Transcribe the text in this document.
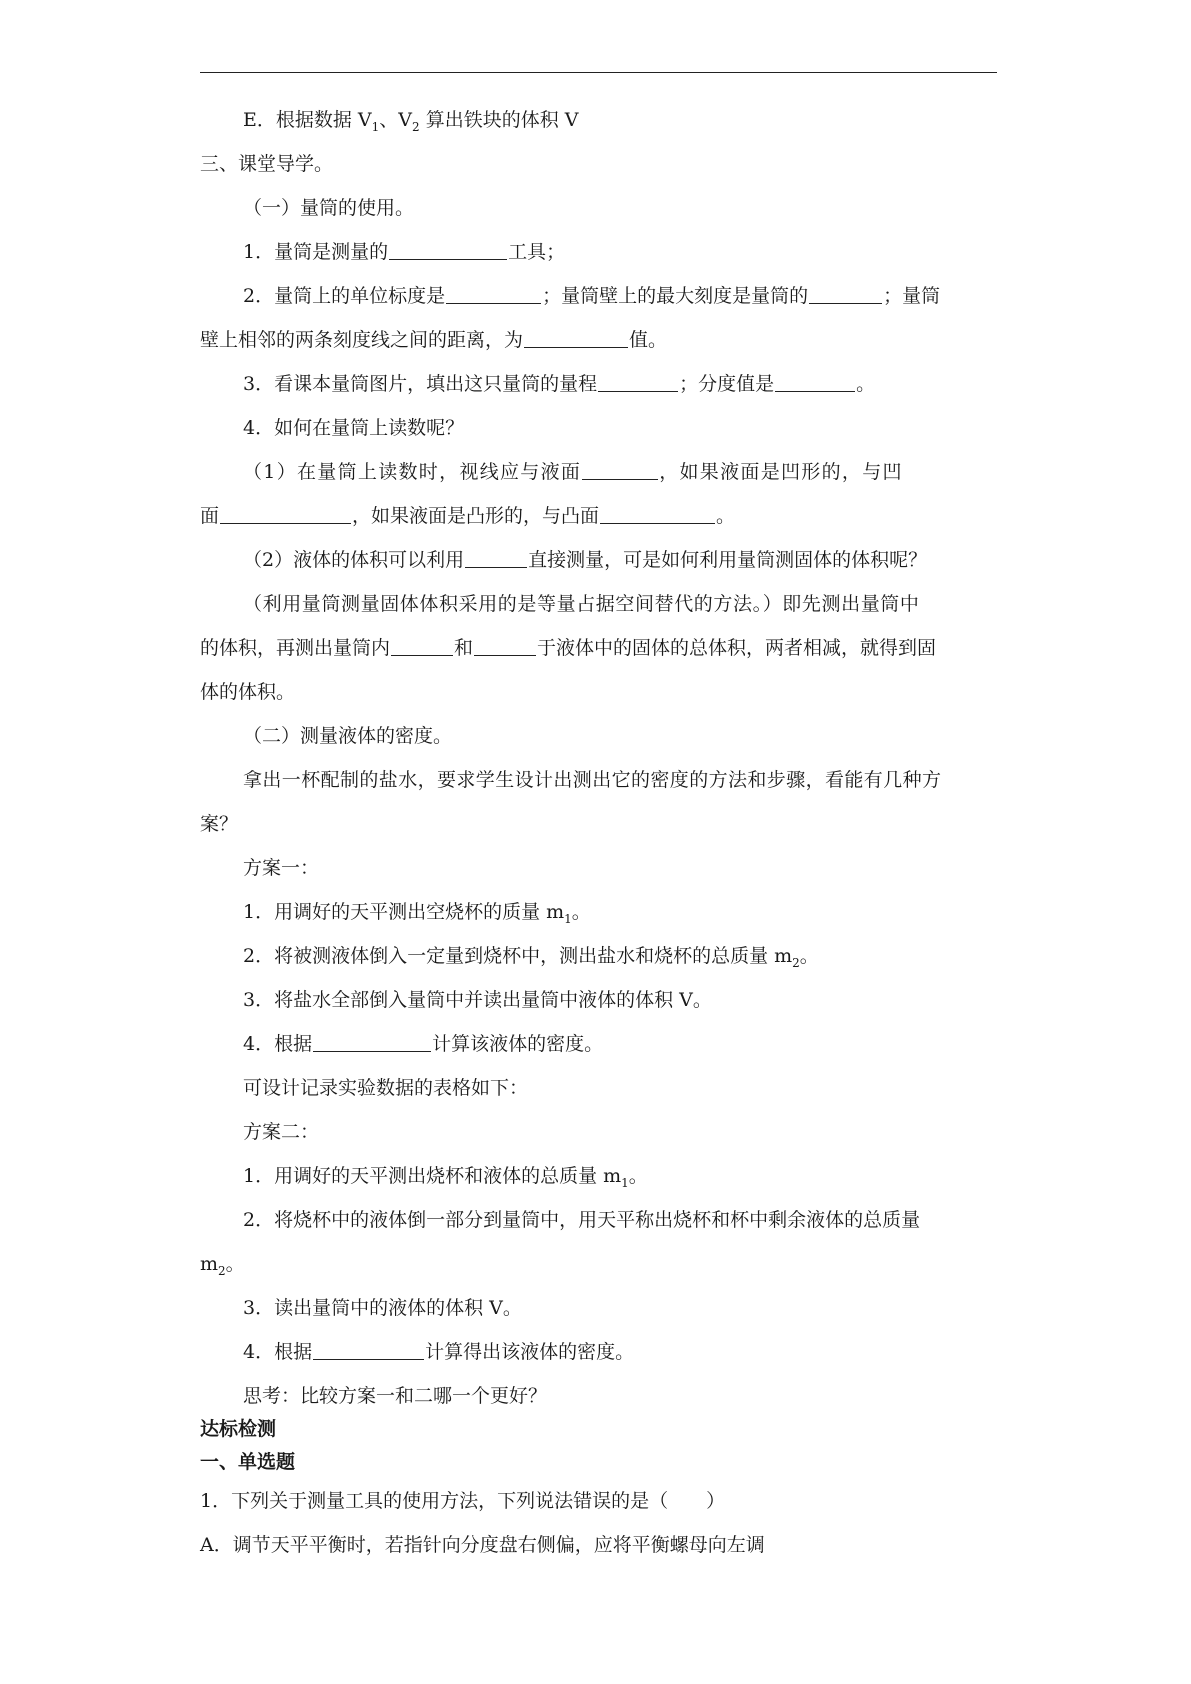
E．根据数据 $V_1$、$V_2$ 算出铁块的体积 V
三、课堂导学。
（一）量筒的使用。
1．量筒是测量的	工具；
2．量筒上的单位标度是	；量筒壁上的最大刻度是量筒的	；量筒
壁上相邻的两条刻度线之间的距离，为	值。
3．看课本量筒图片，填出这只量筒的量程	；分度值是	。
4．如何在量筒上读数呢？
（1）在量筒上读数时，视线应与液面	，如果液面是凹形的，与凹
面	，如果液面是凸形的，与凸面	。
（2）液体的体积可以利用	直接测量，可是如何利用量筒测固体的体积呢？
（利用量筒测量固体体积采用的是等量占据空间替代的方法。）即先测出量筒中
的体积，再测出量筒内	和	于液体中的固体的总体积，两者相减，就得到固
体的体积。
（二）测量液体的密度。
拿出一杯配制的盐水，要求学生设计出测出它的密度的方法和步骤，看能有几种方
案？
方案一：
1．用调好的天平测出空烧杯的质量 $m_1$。
2．将被测液体倒入一定量到烧杯中，测出盐水和烧杯的总质量 $m_2$。
3．将盐水全部倒入量筒中并读出量筒中液体的体积 V。
4．根据	计算该液体的密度。
可设计记录实验数据的表格如下：
方案二：
1．用调好的天平测出烧杯和液体的总质量 $m_1$。
2．将烧杯中的液体倒一部分到量筒中，用天平称出烧杯和杯中剩余液体的总质量
$m_2$。
3．读出量筒中的液体的体积 V。
4．根据	计算得出该液体的密度。
思考：比较方案一和二哪一个更好？
达标检测
一、单选题
1．下列关于测量工具的使用方法，下列说法错误的是（　　）
A．调节天平平衡时，若指针向分度盘右侧偏，应将平衡螺母向左调
